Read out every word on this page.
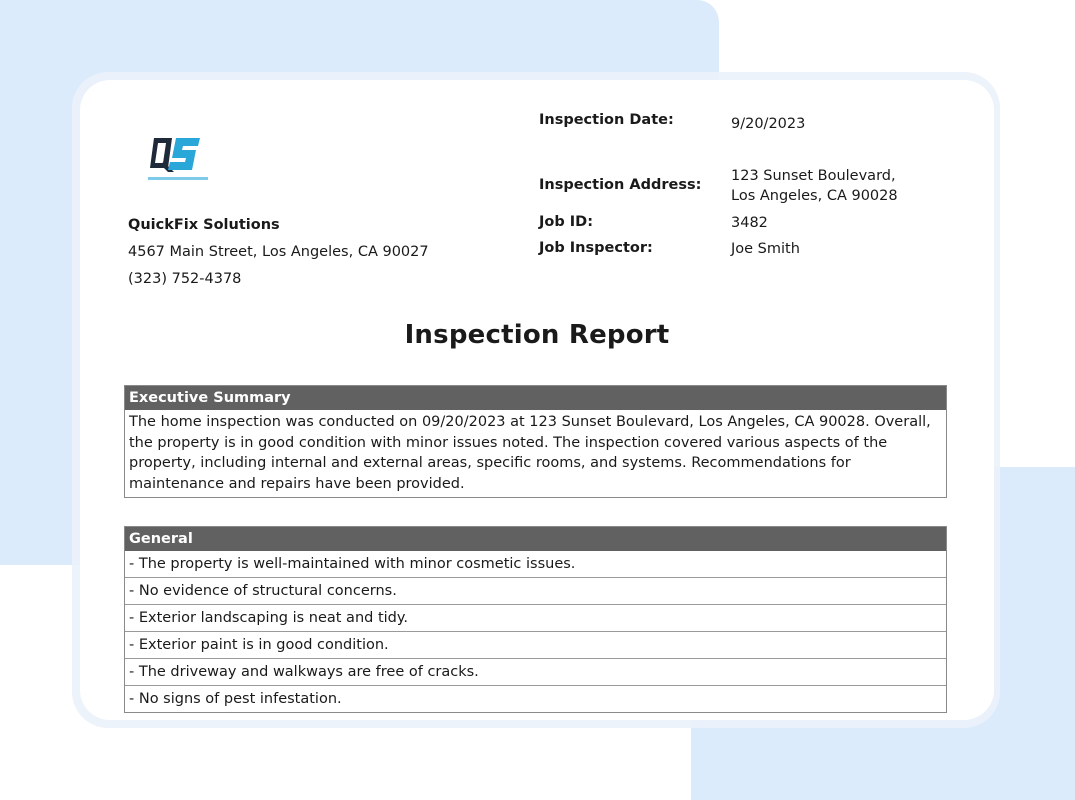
QuickFix Solutions
4567 Main Street, Los Angeles, CA 90027
(323) 752-4378
Inspection Date:	9/20/2023
Inspection Address:
123 Sunset Boulevard,
Los Angeles, CA 90028
Job ID:	3482
Job Inspector:	Joe Smith
Inspection Report
Executive Summary
The home inspection was conducted on 09/20/2023 at 123 Sunset Boulevard, Los Angeles, CA 90028. Overall, the property is in good condition with minor issues noted. The inspection covered various aspects of the property, including internal and external areas, specific rooms, and systems. Recommendations for maintenance and repairs have been provided.
General
- The property is well-maintained with minor cosmetic issues.
- No evidence of structural concerns.
- Exterior landscaping is neat and tidy.
- Exterior paint is in good condition.
- The driveway and walkways are free of cracks.
- No signs of pest infestation.
